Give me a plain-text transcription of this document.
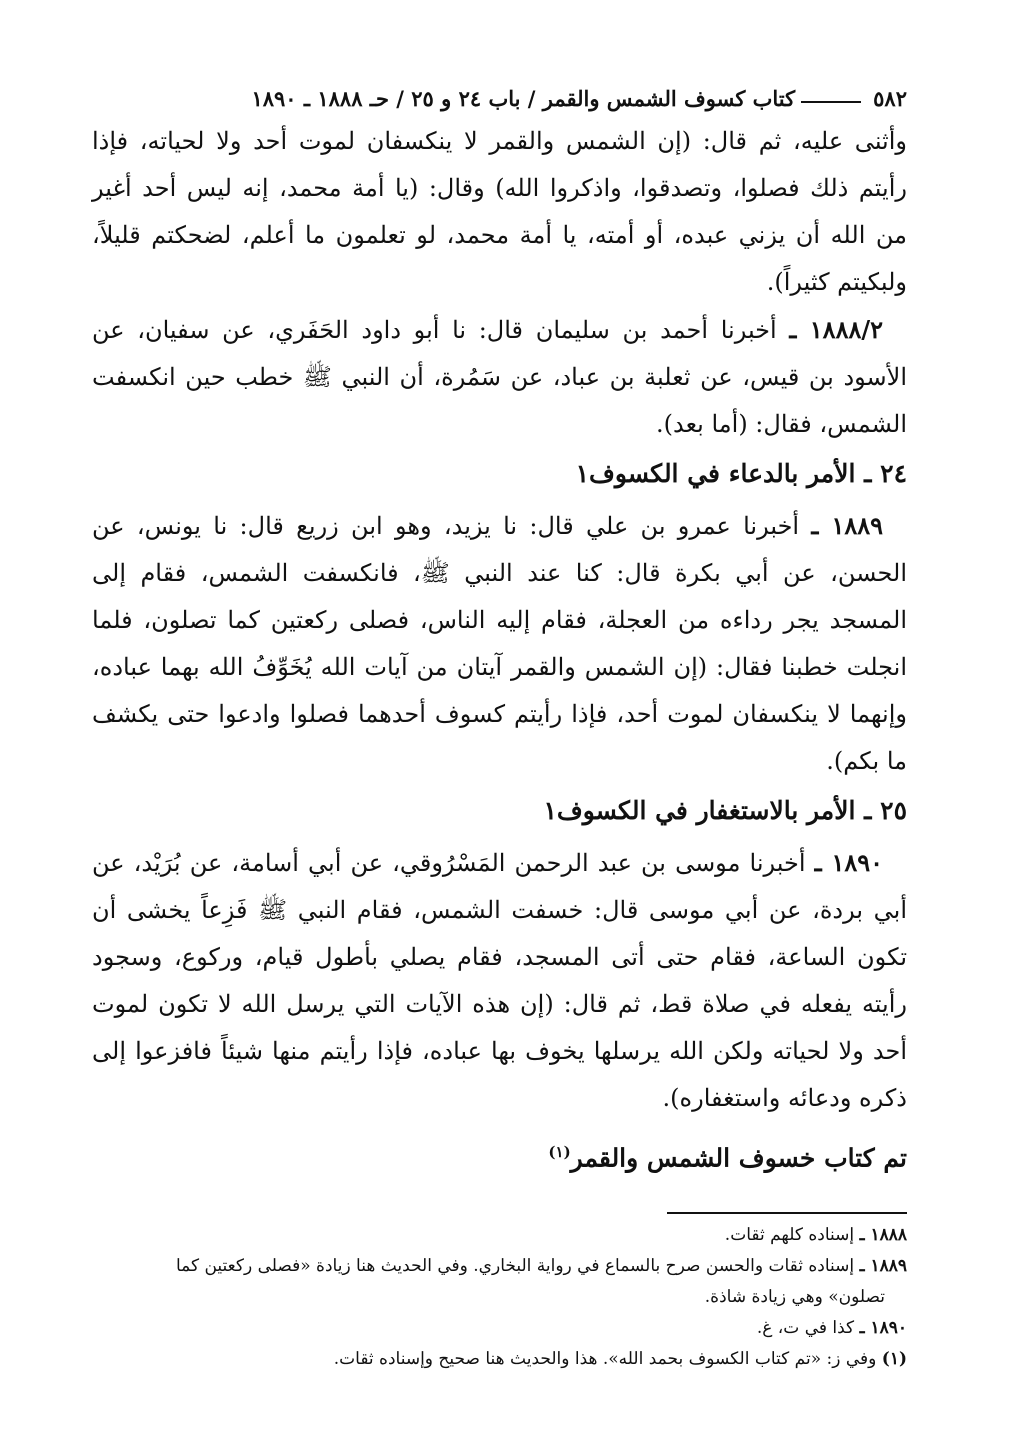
٥٨٢
كتاب كسوف الشمس والقمر / باب ٢٤ و ٢٥ / حـ ١٨٨٨ ـ ١٨٩٠

وأثنى عليه، ثم قال: (إن الشمس والقمر لا ينكسفان لموت أحد ولا لحياته، فإذا رأيتم ذلك فصلوا، وتصدقوا، واذكروا الله) وقال: (يا أمة محمد، إنه ليس أحد أغير من الله أن يزني عبده، أو أمته، يا أمة محمد، لو تعلمون ما أعلم، لضحكتم قليلاً، ولبكيتم كثيراً).

١٨٨٨/٢ ـ أخبرنا أحمد بن سليمان قال: نا أبو داود الحَفَري، عن سفيان، عن الأسود بن قيس، عن ثعلبة بن عباد، عن سَمُرة، أن النبي ﷺ خطب حين انكسفت الشمس، فقال: (أما بعد).

٢٤ ـ الأمر بالدعاء في الكسوف١

١٨٨٩ ـ أخبرنا عمرو بن علي قال: نا يزيد، وهو ابن زريع قال: نا يونس، عن الحسن، عن أبي بكرة قال: كنا عند النبي ﷺ، فانكسفت الشمس، فقام إلى المسجد يجر رداءه من العجلة، فقام إليه الناس، فصلى ركعتين كما تصلون، فلما انجلت خطبنا فقال: (إن الشمس والقمر آيتان من آيات الله يُخَوِّفُ الله بهما عباده، وإنهما لا ينكسفان لموت أحد، فإذا رأيتم كسوف أحدهما فصلوا وادعوا حتى يكشف ما بكم).

٢٥ ـ الأمر بالاستغفار في الكسوف١

١٨٩٠ ـ أخبرنا موسى بن عبد الرحمن المَسْرُوقي، عن أبي أسامة، عن بُرَيْد، عن أبي بردة، عن أبي موسى قال: خسفت الشمس، فقام النبي ﷺ فَزِعاً يخشى أن تكون الساعة، فقام حتى أتى المسجد، فقام يصلي بأطول قيام، وركوع، وسجود رأيته يفعله في صلاة قط، ثم قال: (إن هذه الآيات التي يرسل الله لا تكون لموت أحد ولا لحياته ولكن الله يرسلها يخوف بها عباده، فإذا رأيتم منها شيئاً فافزعوا إلى ذكره ودعائه واستغفاره).

تم كتاب خسوف الشمس والقمر$^{(١)}$

١٨٨٨ ـ إسناده كلهم ثقات.

١٨٨٩ ـ إسناده ثقات والحسن صرح بالسماع في رواية البخاري. وفي الحديث هنا زيادة «فصلى ركعتين كما

تصلون» وهي زيادة شاذة.

١٨٩٠ ـ كذا في ت، غ.

(١) وفي ز: «تم كتاب الكسوف بحمد الله». هذا والحديث هنا صحيح وإسناده ثقات.
